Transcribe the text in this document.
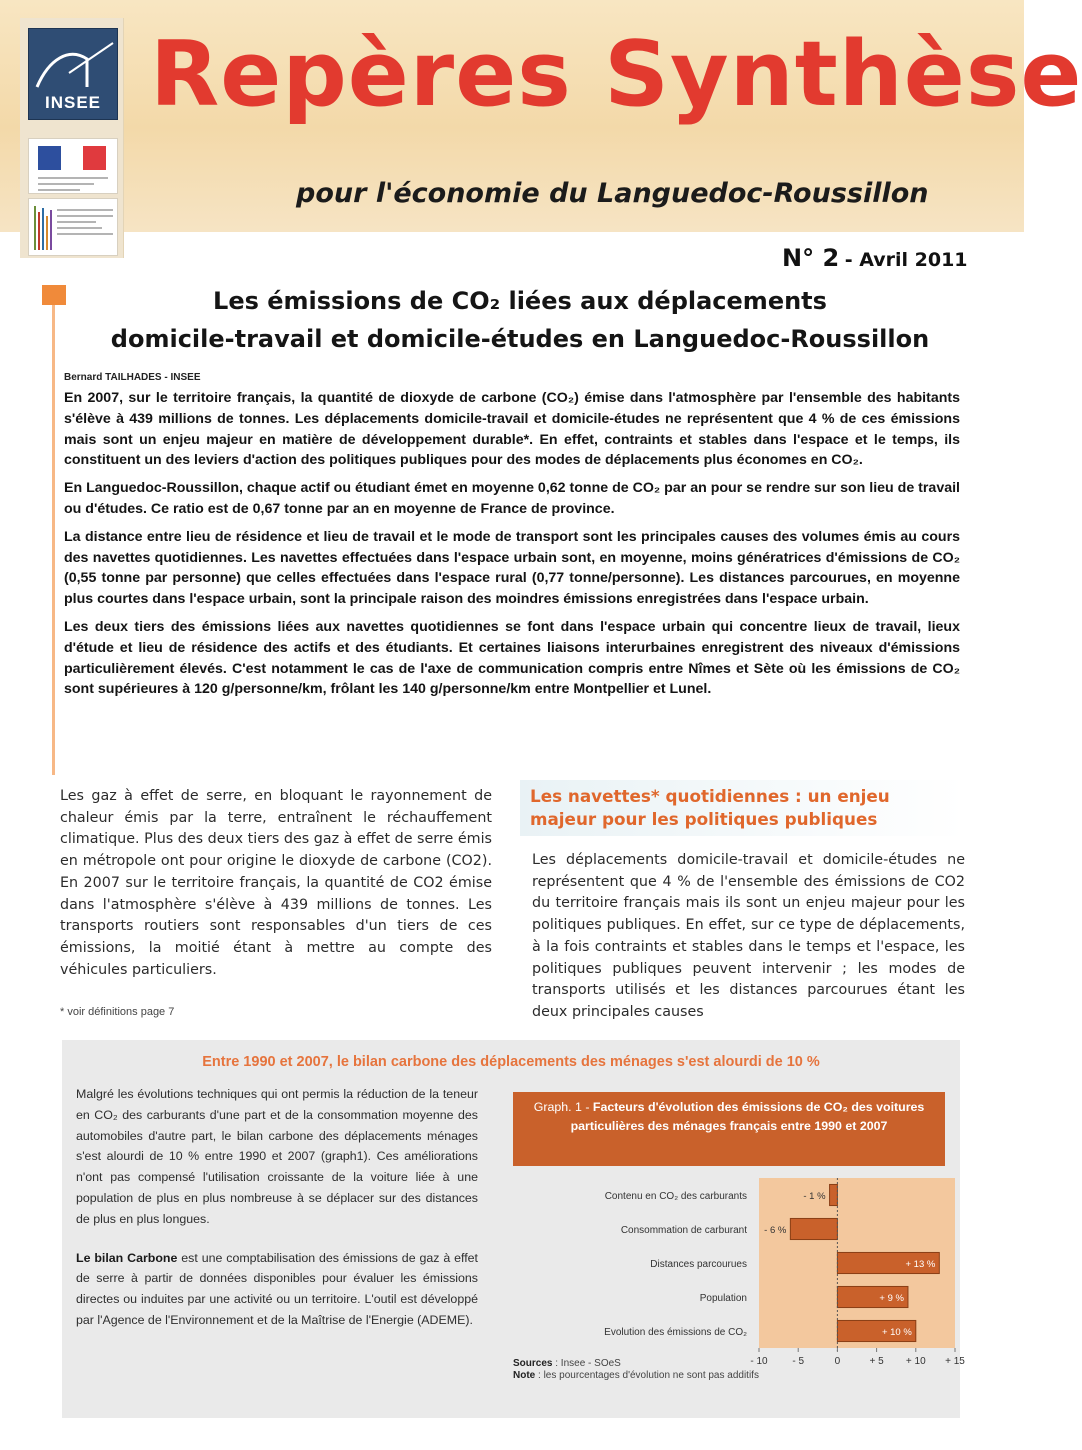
INSEE Repères Synthèse
pour l'économie du Languedoc-Roussillon
N° 2 - Avril 2011
Les émissions de CO₂ liées aux déplacements
domicile-travail et domicile-études en Languedoc-Roussillon
Bernard TAILHADES - INSEE

En 2007, sur le territoire français, la quantité de dioxyde de carbone (CO₂) émise dans l'atmosphère par l'ensemble des habitants s'élève à 439 millions de tonnes. Les déplacements domicile-travail et domicile-études ne représentent que 4 % de ces émissions mais sont un enjeu majeur en matière de développement durable*. En effet, contraints et stables dans l'espace et le temps, ils constituent un des leviers d'action des politiques publiques pour des modes de déplacements plus économes en CO₂.

En Languedoc-Roussillon, chaque actif ou étudiant émet en moyenne 0,62 tonne de CO₂ par an pour se rendre sur son lieu de travail ou d'études. Ce ratio est de 0,67 tonne par an en moyenne de France de province.

La distance entre lieu de résidence et lieu de travail et le mode de transport sont les principales causes des volumes émis au cours des navettes quotidiennes. Les navettes effectuées dans l'espace urbain sont, en moyenne, moins génératrices d'émissions de CO₂ (0,55 tonne par personne) que celles effectuées dans l'espace rural (0,77 tonne/personne). Les distances parcourues, en moyenne plus courtes dans l'espace urbain, sont la principale raison des moindres émissions enregistrées dans l'espace urbain.

Les deux tiers des émissions liées aux navettes quotidiennes se font dans l'espace urbain qui concentre lieux de travail, lieux d'étude et lieu de résidence des actifs et des étudiants. Et certaines liaisons interurbaines enregistrent des niveaux d'émissions particulièrement élevés. C'est notamment le cas de l'axe de communication compris entre Nîmes et Sète où les émissions de CO₂ sont supérieures à 120 g/personne/km, frôlant les 140 g/personne/km entre Montpellier et Lunel.

Les gaz à effet de serre, en bloquant le rayonnement de chaleur émis par la terre, entraînent le réchauffement climatique. Plus des deux tiers des gaz à effet de serre émis en métropole ont pour origine le dioxyde de carbone (CO2). En 2007 sur le territoire français, la quantité de CO2 émise dans l'atmosphère s'élève à 439 millions de tonnes. Les transports routiers sont responsables d'un tiers de ces émissions, la moitié étant à mettre au compte des véhicules particuliers.
* voir définitions page 7
Les navettes* quotidiennes : un enjeu majeur pour les politiques publiques
Les déplacements domicile-travail et domicile-études ne représentent que 4 % de l'ensemble des émissions de CO2 du territoire français mais ils sont un enjeu majeur pour les politiques publiques. En effet, sur ce type de déplacements, à la fois contraints et stables dans le temps et l'espace, les politiques publiques peuvent intervenir ; les modes de transports utilisés et les distances parcourues étant les deux principales causes
Entre 1990 et 2007, le bilan carbone des déplacements des ménages s'est alourdi de 10 %

Malgré les évolutions techniques qui ont permis la réduction de la teneur en CO₂ des carburants d'une part et de la consommation moyenne des automobiles d'autre part, le bilan carbone des déplacements ménages s'est alourdi de 10 % entre 1990 et 2007 (graph1). Ces améliorations n'ont pas compensé l'utilisation croissante de la voiture liée à une population de plus en plus nombreuse à se déplacer sur des distances de plus en plus longues.

Le bilan Carbone est une comptabilisation des émissions de gaz à effet de serre à partir de données disponibles pour évaluer les émissions directes ou induites par une activité ou un territoire. L'outil est développé par l'Agence de l'Environnement et de la Maîtrise de l'Energie (ADEME).

Graph. 1 - Facteurs d'évolution des émissions de CO₂ des voitures particulières des ménages français entre 1990 et 2007
Contenu en CO₂ des carburants	- 1 %
Consommation de carburant - 6 %
Distances parcourues	+ 13 %
Population	+ 9 %
Evolution des émissions de CO₂	+ 10 %
- 10 - 5	0	+ 5 + 10 + 15
Sources : Insee - SOeS
Note : les pourcentages d'évolution ne sont pas additifs
